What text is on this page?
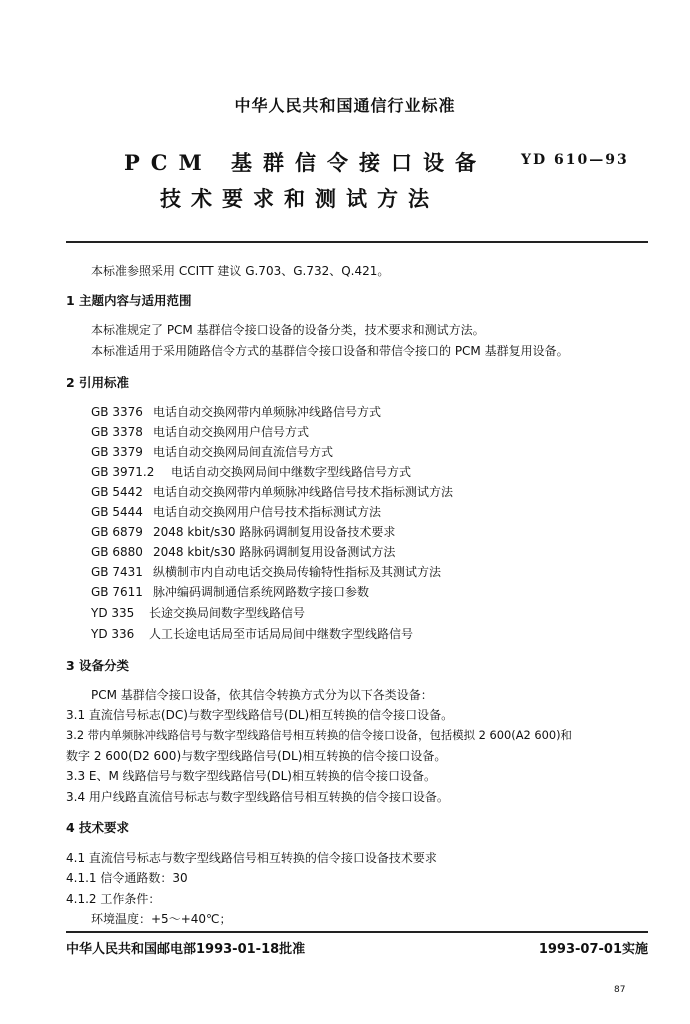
中华人民共和国通信行业标准
PCM 基群信令接口设备
技术要求和测试方法
YD 610—93
本标准参照采用 CCITT 建议 G.703、G.732、Q.421。
1 主题内容与适用范围
本标准规定了 PCM 基群信令接口设备的设备分类，技术要求和测试方法。
本标准适用于采用随路信令方式的基群信令接口设备和带信令接口的 PCM 基群复用设备。
2 引用标准
GB 3376 电话自动交换网带内单频脉冲线路信号方式
GB 3378 电话自动交换网用户信号方式
GB 3379 电话自动交换网局间直流信号方式
GB 3971.2 电话自动交换网局间中继数字型线路信号方式
GB 5442 电话自动交换网带内单频脉冲线路信号技术指标测试方法
GB 5444 电话自动交换网用户信号技术指标测试方法
GB 6879 2048 kbit/s30 路脉码调制复用设备技术要求
GB 6880 2048 kbit/s30 路脉码调制复用设备测试方法
GB 7431 纵横制市内自动电话交换局传输特性指标及其测试方法
GB 7611 脉冲编码调制通信系统网路数字接口参数
YD 335 长途交换局间数字型线路信号
YD 336 人工长途电话局至市话局局间中继数字型线路信号
3 设备分类
PCM 基群信令接口设备，依其信令转换方式分为以下各类设备：
3.1 直流信号标志(DC)与数字型线路信号(DL)相互转换的信令接口设备。
3.2 带内单频脉冲线路信号与数字型线路信号相互转换的信令接口设备，包括模拟 2 600(A2 600)和
数字 2 600(D2 600)与数字型线路信号(DL)相互转换的信令接口设备。
3.3 E、M 线路信号与数字型线路信号(DL)相互转换的信令接口设备。
3.4 用户线路直流信号标志与数字型线路信号相互转换的信令接口设备。
4 技术要求
4.1 直流信号标志与数字型线路信号相互转换的信令接口设备技术要求
4.1.1 信令通路数：30
4.1.2 工作条件：
环境温度：+5～+40℃；
中华人民共和国邮电部1993-01-18批准	1993-07-01实施
87
